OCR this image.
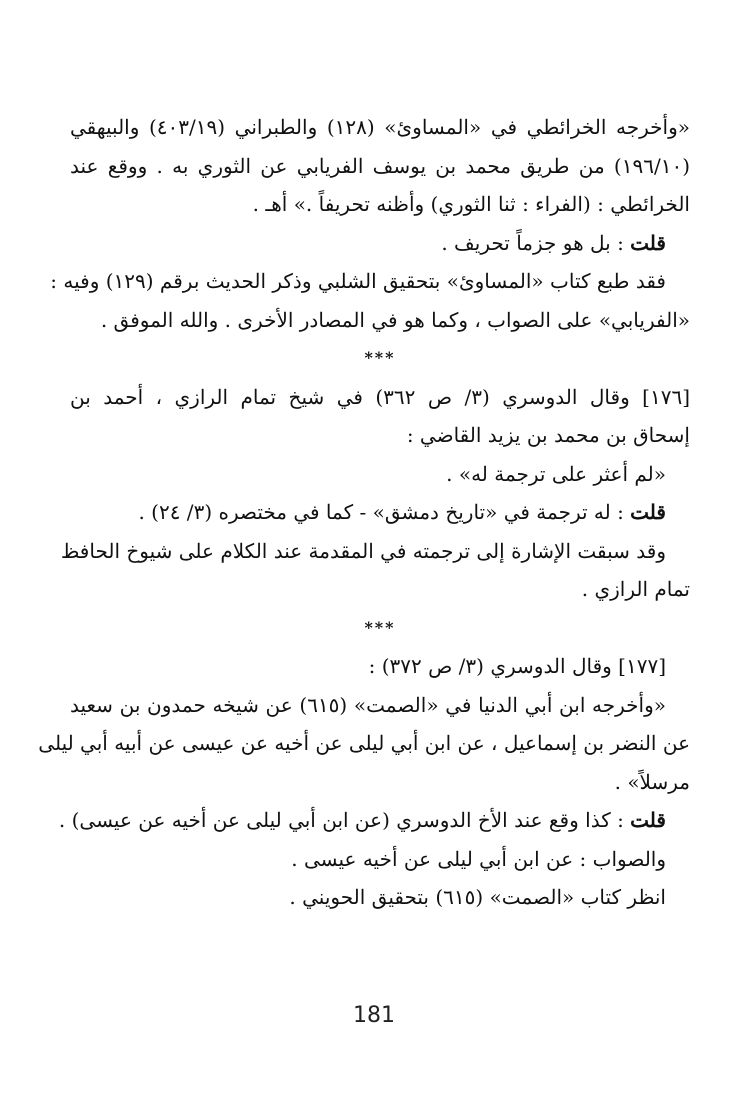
«وأخرجه الخرائطي في «المساوئ» (١٢٨) والطبراني (٤٠٣/١٩) والبيهقي
(١٩٦/١٠) من طريق محمد بن يوسف الفريابي عن الثوري به . ووقع عند
الخرائطي : (الفراء : ثنا الثوري) وأظنه تحريفاً .» أهـ .
قلت : بل هو جزماً تحريف .
فقد طبع كتاب «المساوئ» بتحقيق الشلبي وذكر الحديث برقم (١٢٩) وفيه :
«الفريابي» على الصواب ، وكما هو في المصادر الأخرى . والله الموفق .
***
[١٧٦] وقال الدوسري (٣/ ص ٣٦٢) في شيخ تمام الرازي ، أحمد بن
إسحاق بن محمد بن يزيد القاضي :
«لم أعثر على ترجمة له» .
قلت : له ترجمة في «تاريخ دمشق» - كما في مختصره (٣/ ٢٤) .
وقد سبقت الإشارة إلى ترجمته في المقدمة عند الكلام على شيوخ الحافظ
تمام الرازي .
***
[١٧٧] وقال الدوسري (٣/ ص ٣٧٢) :
«وأخرجه ابن أبي الدنيا في «الصمت» (٦١٥) عن شيخه حمدون بن سعيد
عن النضر بن إسماعيل ، عن ابن أبي ليلى عن أخيه عن عيسى عن أبيه أبي ليلى
مرسلاً» .
قلت : كذا وقع عند الأخ الدوسري (عن ابن أبي ليلى عن أخيه عن عيسى) .
والصواب : عن ابن أبي ليلى عن أخيه عيسى .
انظر كتاب «الصمت» (٦١٥) بتحقيق الحويني .
181
